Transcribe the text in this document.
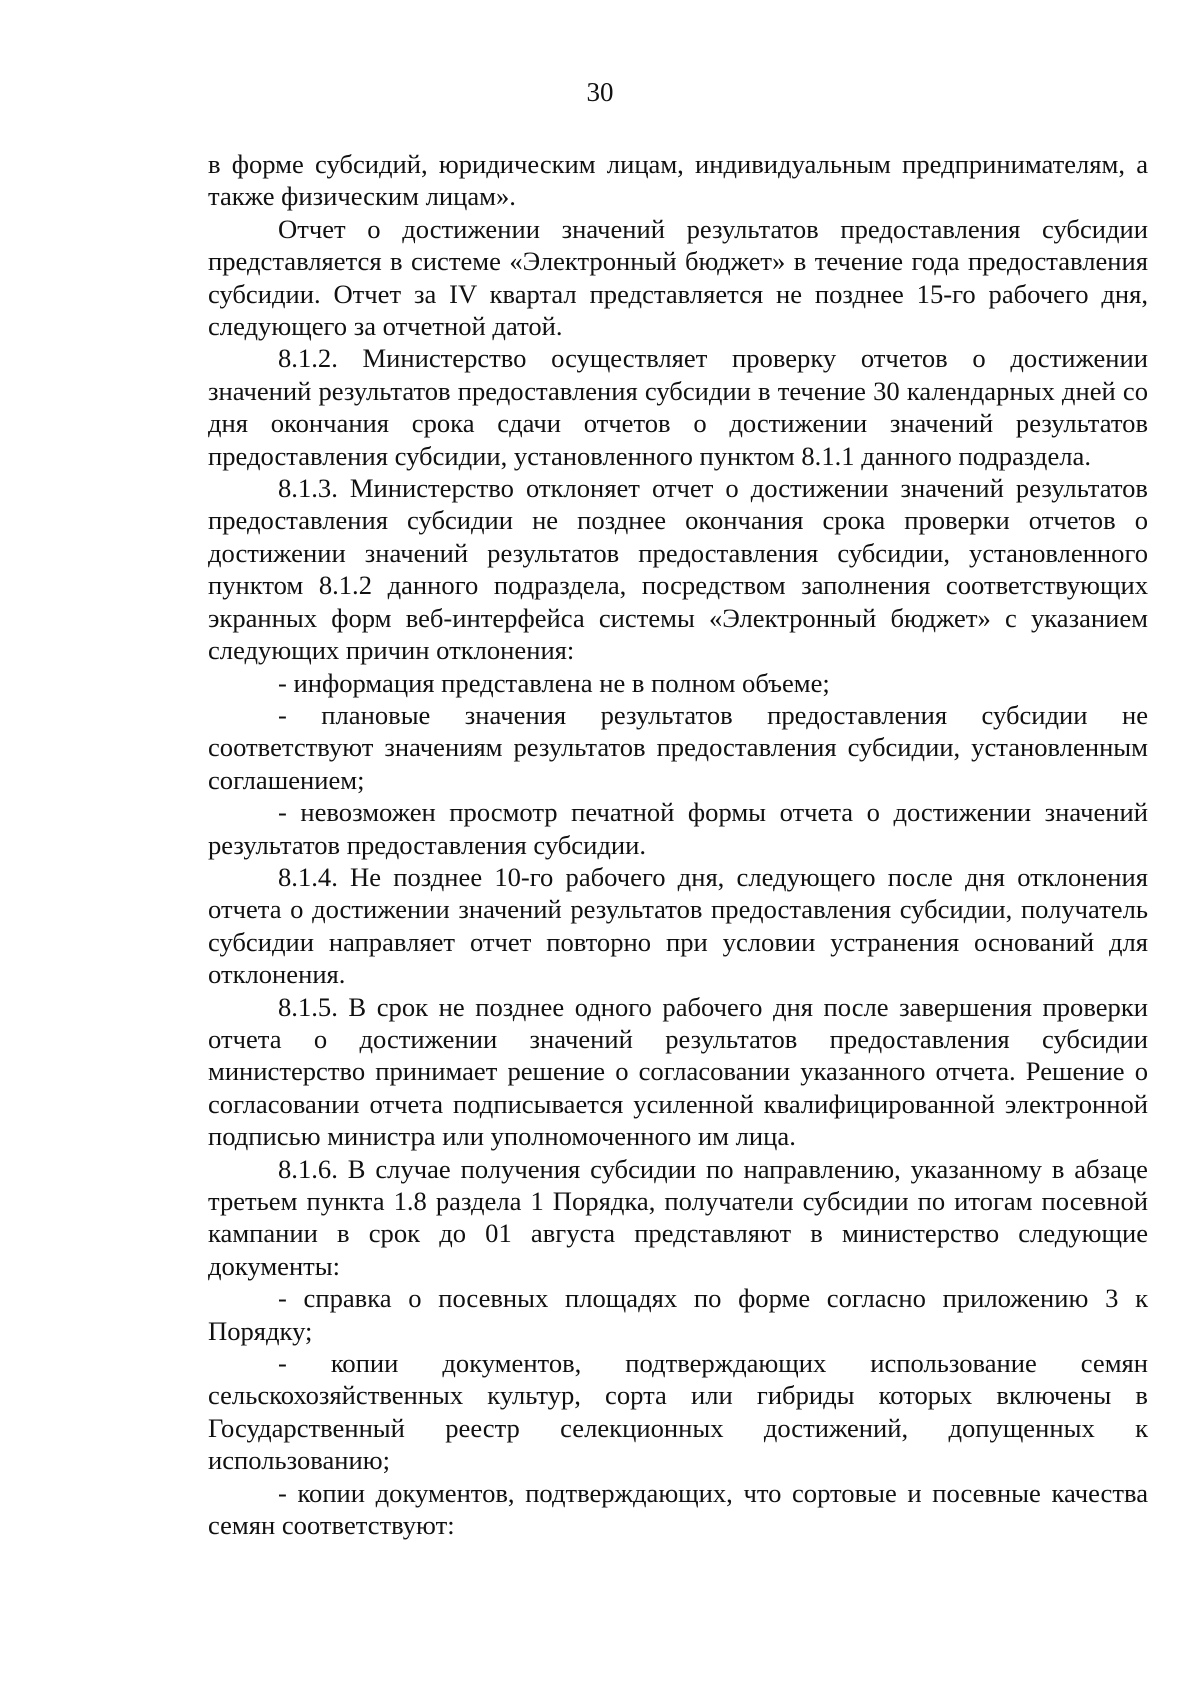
30

в форме субсидий, юридическим лицам, индивидуальным предпринимателям, а также физическим лицам».

Отчет о достижении значений результатов предоставления субсидии представляется в системе «Электронный бюджет» в течение года предоставления субсидии. Отчет за IV квартал представляется не позднее 15-го рабочего дня, следующего за отчетной датой.

8.1.2. Министерство осуществляет проверку отчетов о достижении значений результатов предоставления субсидии в течение 30 календарных дней со дня окончания срока сдачи отчетов о достижении значений результатов предоставления субсидии, установленного пунктом 8.1.1 данного подраздела.

8.1.3. Министерство отклоняет отчет о достижении значений результатов предоставления субсидии не позднее окончания срока проверки отчетов о достижении значений результатов предоставления субсидии, установленного пунктом 8.1.2 данного подраздела, посредством заполнения соответствующих экранных форм веб-интерфейса системы «Электронный бюджет» с указанием следующих причин отклонения:

- информация представлена не в полном объеме;

- плановые значения результатов предоставления субсидии не соответствуют значениям результатов предоставления субсидии, установленным соглашением;

- невозможен просмотр печатной формы отчета о достижении значений результатов предоставления субсидии.

8.1.4. Не позднее 10-го рабочего дня, следующего после дня отклонения отчета о достижении значений результатов предоставления субсидии, получатель субсидии направляет отчет повторно при условии устранения оснований для отклонения.

8.1.5. В срок не позднее одного рабочего дня после завершения проверки отчета о достижении значений результатов предоставления субсидии министерство принимает решение о согласовании указанного отчета. Решение о согласовании отчета подписывается усиленной квалифицированной электронной подписью министра или уполномоченного им лица.

8.1.6. В случае получения субсидии по направлению, указанному в абзаце третьем пункта 1.8 раздела 1 Порядка, получатели субсидии по итогам посевной кампании в срок до 01 августа представляют в министерство следующие документы:

- справка о посевных площадях по форме согласно приложению 3 к Порядку;

- копии документов, подтверждающих использование семян сельскохозяйственных культур, сорта или гибриды которых включены в Государственный реестр селекционных достижений, допущенных к использованию;

- копии документов, подтверждающих, что сортовые и посевные качества семян соответствуют:
